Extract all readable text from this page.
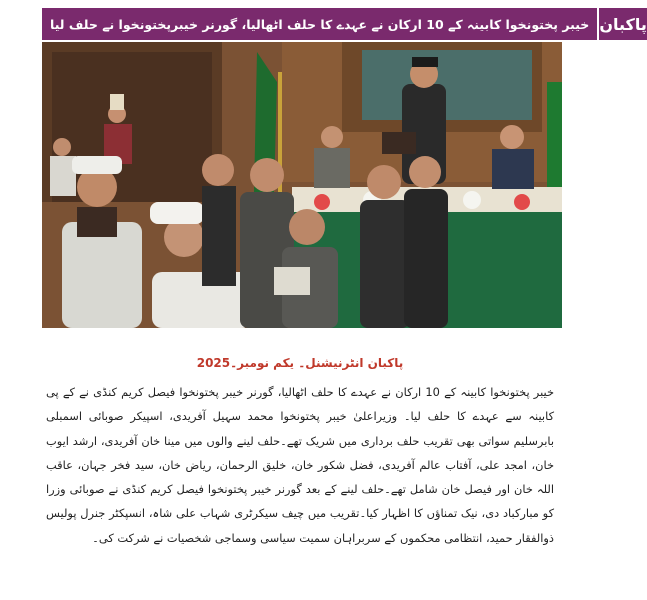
خیبر پختونخوا کابینہ کے 10 ارکان نے عہدے کا حلف اٹھالیا، گورنر خیبرپختونخوا نے حلف لیا پاکبان
پاکبان انٹرنیشنل۔ یکم نومبر۔2025
خیبر پختونخوا کابینہ کے 10 ارکان نے عہدے کا حلف اٹھالیا، گورنر خیبر پختونخوا فیصل کریم کنڈی نے کے پی کابینہ سے عہدے کا حلف لیا۔ وزیراعلیٰ خیبر پختونخوا محمد سہیل آفریدی، اسپیکر صوبائی اسمبلی بابرسلیم سواتی بھی تقریب حلف برداری میں شریک تھے۔حلف لینے والوں میں مینا خان آفریدی، ارشد ایوب خان، امجد علی، آفتاب عالم آفریدی، فضل شکور خان، خلیق الرحمان، ریاض خان، سید فخر جہان، عاقب اللہ خان اور فیصل خان شامل تھے۔حلف لینے کے بعد گورنر خیبر پختونخوا فیصل کریم کنڈی نے صوبائی وزرا کو مبارکباد دی، نیک تمناؤں کا اظہار کیا۔تقریب میں چیف سیکرٹری شہاب علی شاہ، انسپکٹر جنرل پولیس ذوالفقار حمید، انتظامی محکموں کے سربراہان سمیت سیاسی وسماجی شخصیات نے شرکت کی۔
